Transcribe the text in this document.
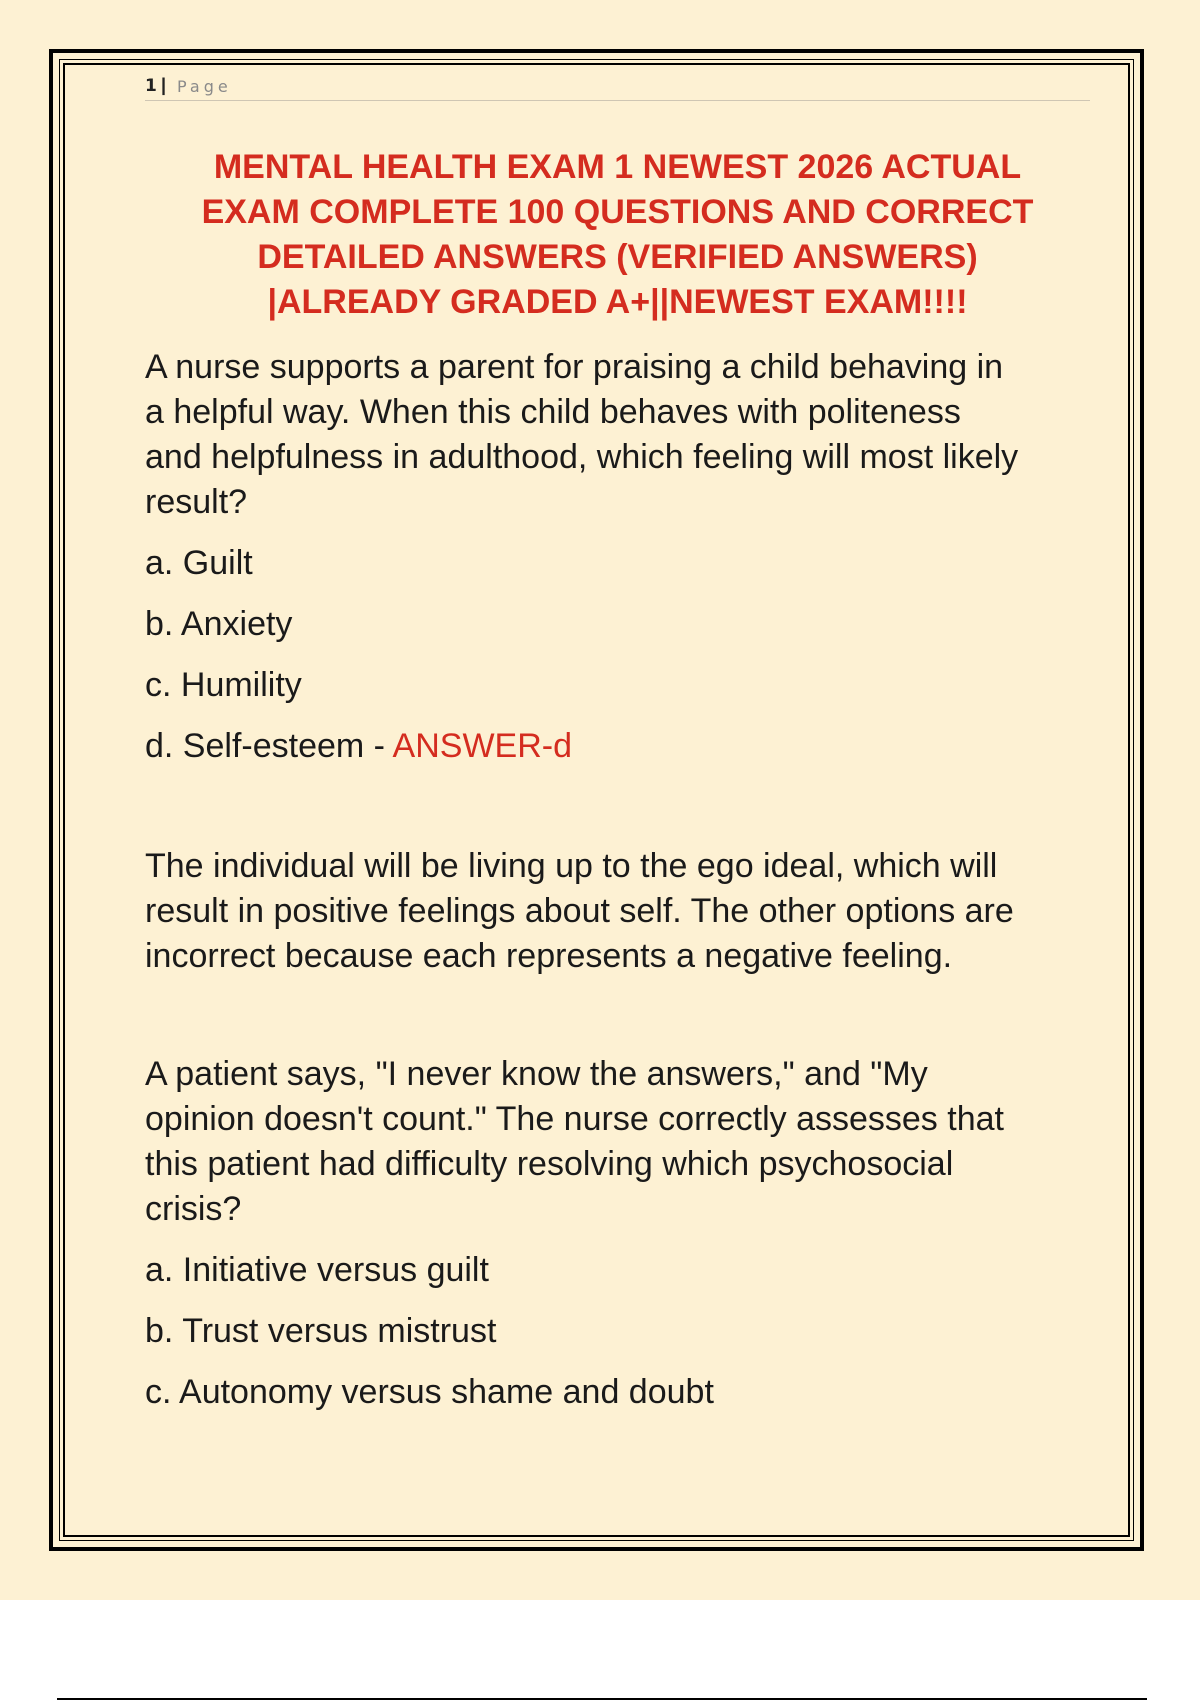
1 | Page
MENTAL HEALTH EXAM 1 NEWEST 2026 ACTUAL
EXAM COMPLETE 100 QUESTIONS AND CORRECT
DETAILED ANSWERS (VERIFIED ANSWERS)
|ALREADY GRADED A+||NEWEST EXAM!!!!
A nurse supports a parent for praising a child behaving in
a helpful way. When this child behaves with politeness
and helpfulness in adulthood, which feeling will most likely
result?
a. Guilt
b. Anxiety
c. Humility
d. Self-esteem - ANSWER-d
The individual will be living up to the ego ideal, which will
result in positive feelings about self. The other options are
incorrect because each represents a negative feeling.
A patient says, "I never know the answers," and "My
opinion doesn't count." The nurse correctly assesses that
this patient had difficulty resolving which psychosocial
crisis?
a. Initiative versus guilt
b. Trust versus mistrust
c. Autonomy versus shame and doubt
